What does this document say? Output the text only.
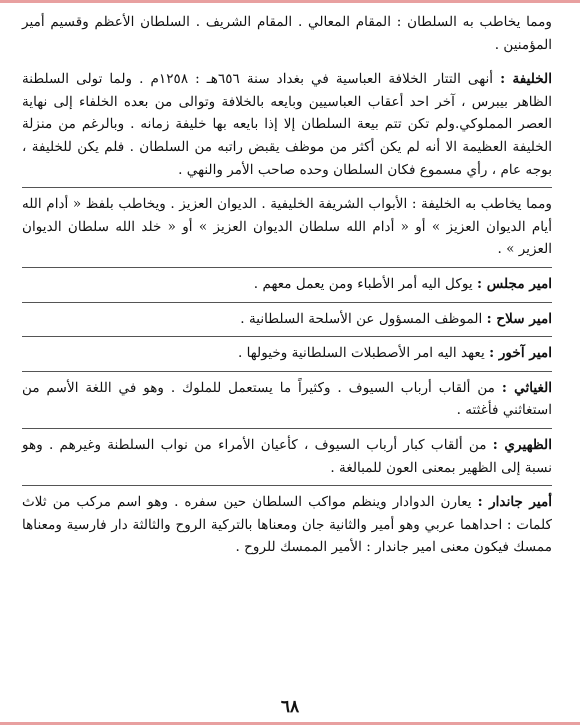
ومما يخاطب به السلطان : المقام المعالي . المقام الشريف . السلطان الأعظم وقسيم أمير المؤمنين .

الخليفة : أنهى التتار الخلافة العباسية في بغداد سنة ٦٥٦هـ : ١٢٥٨م . ولما تولى السلطنة الظاهر بيبرس ، آخر احد أعقاب العباسيين وبايعه بالخلافة وتوالى من بعده الخلفاء إلى نهاية العصر المملوكي.ولم تكن تتم بيعة السلطان إلا إذا بايعه بها خليفة زمانه . وبالرغم من منزلة الخليفة العظيمة الا أنه لم يكن أكثر من موظف يقبض راتبه من السلطان . فلم يكن للخليفة ، بوجه عام ، رأي مسموع فكان السلطان وحده صاحب الأمر والنهي .

ومما يخاطب به الخليفة : الأبواب الشريفة الخليفية . الديوان العزيز . ويخاطب بلفظ « أدام الله أيام الديوان العزيز » أو « أدام الله سلطان الديوان العزيز » أو « خلد الله سلطان الديوان العزير » .

امير مجلس : يوكل اليه أمر الأطباء ومن يعمل معهم .

امير سلاح : الموظف المسؤول عن الأسلحة السلطانية .

امير آخور : يعهد اليه امر الأصطبلات السلطانية وخيولها .

الغياثي : من ألقاب أرباب السيوف . وكثيراً ما يستعمل للملوك . وهو في اللغة الأسم من استغاثني فأغثته .

الظهيري : من ألقاب كبار أرباب السيوف ، كأعيان الأمراء من نواب السلطنة وغيرهم . وهو نسبة إلى الظهير بمعنى العون للمبالغة .

أمير جاندار : يعارن الدوادار وينظم مواكب السلطان حين سفره . وهو اسم مركب من ثلاث كلمات : احداهما عربي وهو أمير والثانية جان ومعناها بالتركية الروح والثالثة دار فارسية ومعناها ممسك فيكون معنى امير جاندار : الأمير الممسك للروح .

٦٨
